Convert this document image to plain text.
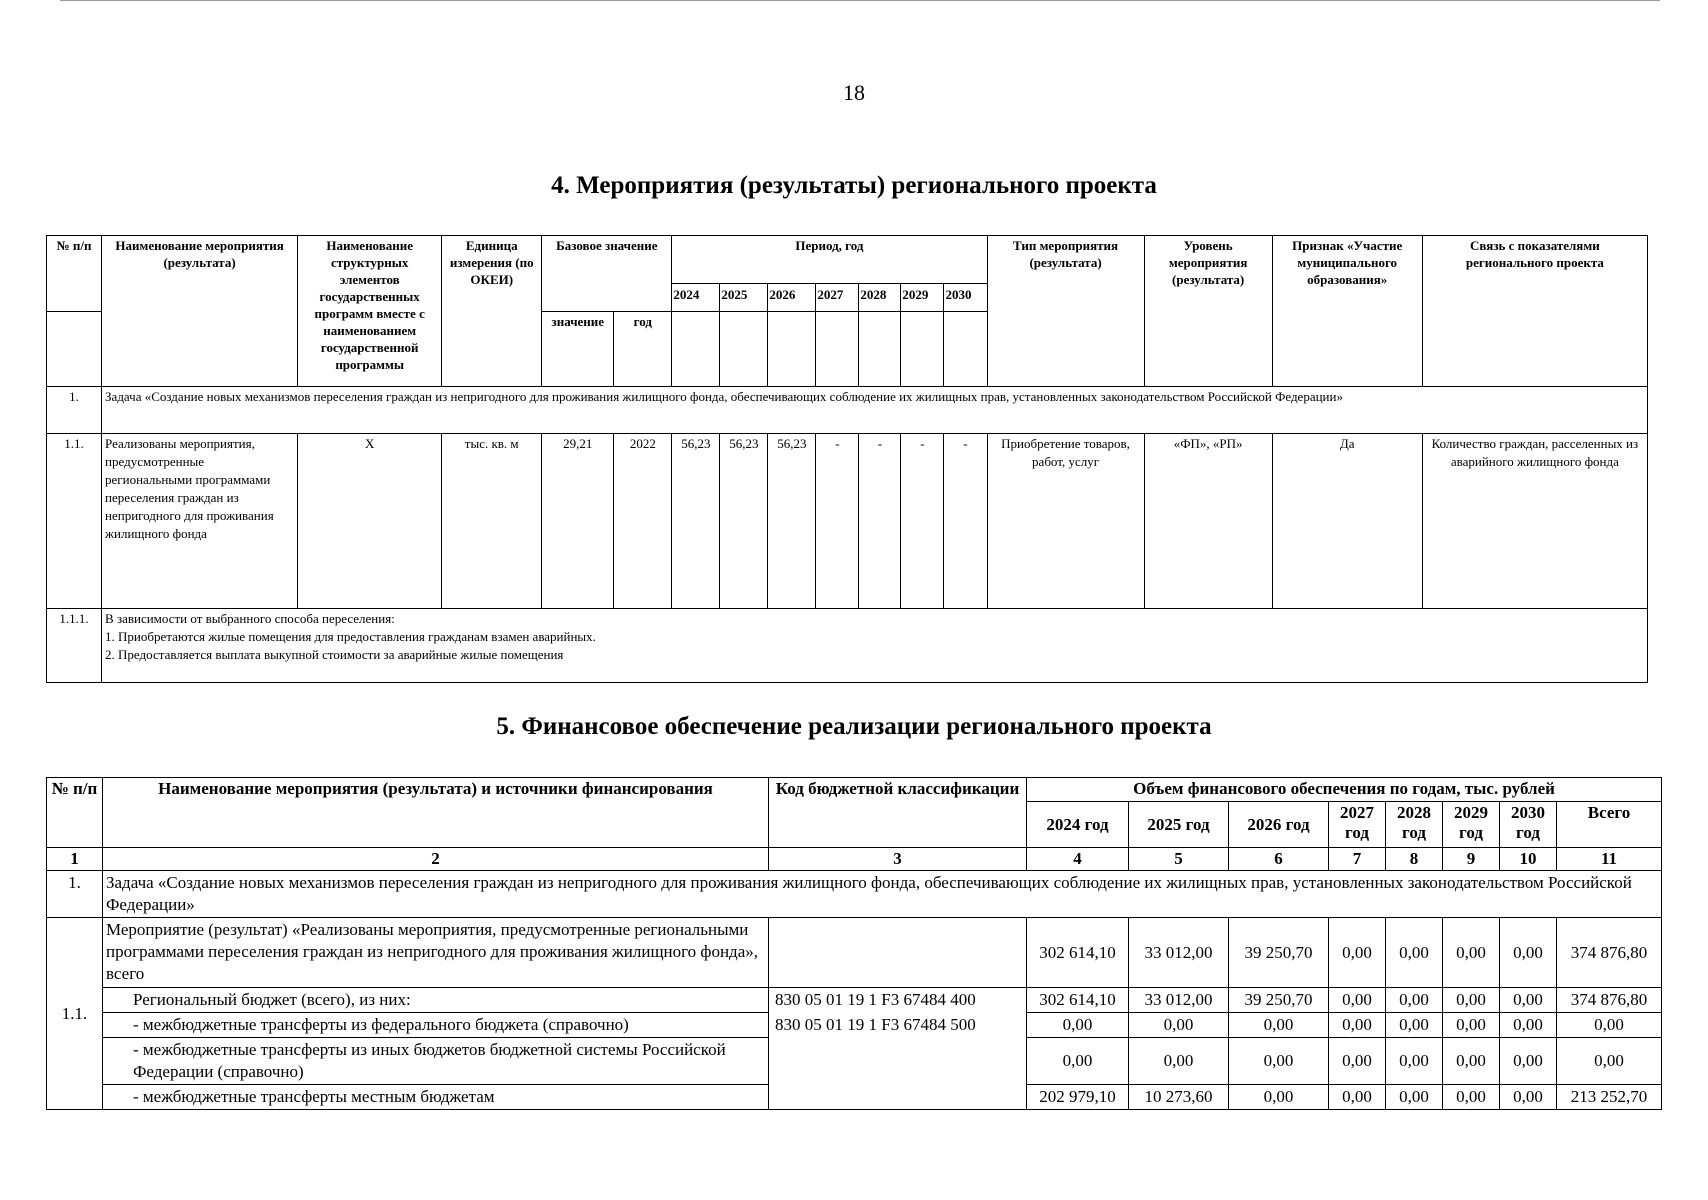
18
4. Мероприятия (результаты) регионального проекта
№ п/п	Наименование мероприятия (результата)	Наименование структурных элементов государственных программ вместе с наименованием государственной программы	Единица измерения (по ОКЕИ)	Базовое значение		Период, год							Тип мероприятия (результата)	Уровень мероприятия (результата)	Признак «Участие муниципального образования»	Связь с показателями регионального проекта
						2024	2025	2026	2027	2028	2029	2030				
				значение	год											
1.	Задача «Создание новых механизмов переселения граждан из непригодного для проживания жилищного фонда, обеспечивающих соблюдение их жилищных прав, установленных законодательством Российской Федерации»															
1.1.	Реализованы мероприятия, предусмотренные региональными программами переселения граждан из непригодного для проживания жилищного фонда	X	тыс. кв. м	29,21	2022	56,23	56,23	56,23	-	-	-	-	Приобретение товаров, работ, услуг	«ФП», «РП»	Да	Количество граждан, расселенных из аварийного жилищного фонда
1.1.1.	В зависимости от выбранного способа переселения:
1. Приобретаются жилые помещения для предоставления гражданам взамен аварийных.
2. Предоставляется выплата выкупной стоимости за аварийные жилые помещения															
5. Финансовое обеспечение реализации регионального проекта
№ п/п	Наименование мероприятия (результата) и источники финансирования	Код бюджетной классификации	Объем финансового обеспечения по годам, тыс. рублей							
			2024 год	2025 год	2026 год	2027 год	2028 год	2029 год	2030 год	Всего
1	2	3	4	5	6	7	8	9	10	11
1.	Задача «Создание новых механизмов переселения граждан из непригодного для проживания жилищного фонда, обеспечивающих соблюдение их жилищных прав, установленных законодательством Российской Федерации»									
1.1.	Мероприятие (результат) «Реализованы мероприятия, предусмотренные региональными программами переселения граждан из непригодного для проживания жилищного фонда», всего		302 614,10	33 012,00	39 250,70	0,00	0,00	0,00	0,00	374 876,80
	Региональный бюджет (всего), из них:	830 05 01 19 1 F3 67484 400	302 614,10	33 012,00	39 250,70	0,00	0,00	0,00	0,00	374 876,80
	- межбюджетные трансферты из федерального бюджета (справочно)	830 05 01 19 1 F3 67484 500	0,00	0,00	0,00	0,00	0,00	0,00	0,00	0,00
	- межбюджетные трансферты из иных бюджетов бюджетной системы Российской Федерации (справочно)		0,00	0,00	0,00	0,00	0,00	0,00	0,00	0,00
	- межбюджетные трансферты местным бюджетам		202 979,10	10 273,60	0,00	0,00	0,00	0,00	0,00	213 252,70
